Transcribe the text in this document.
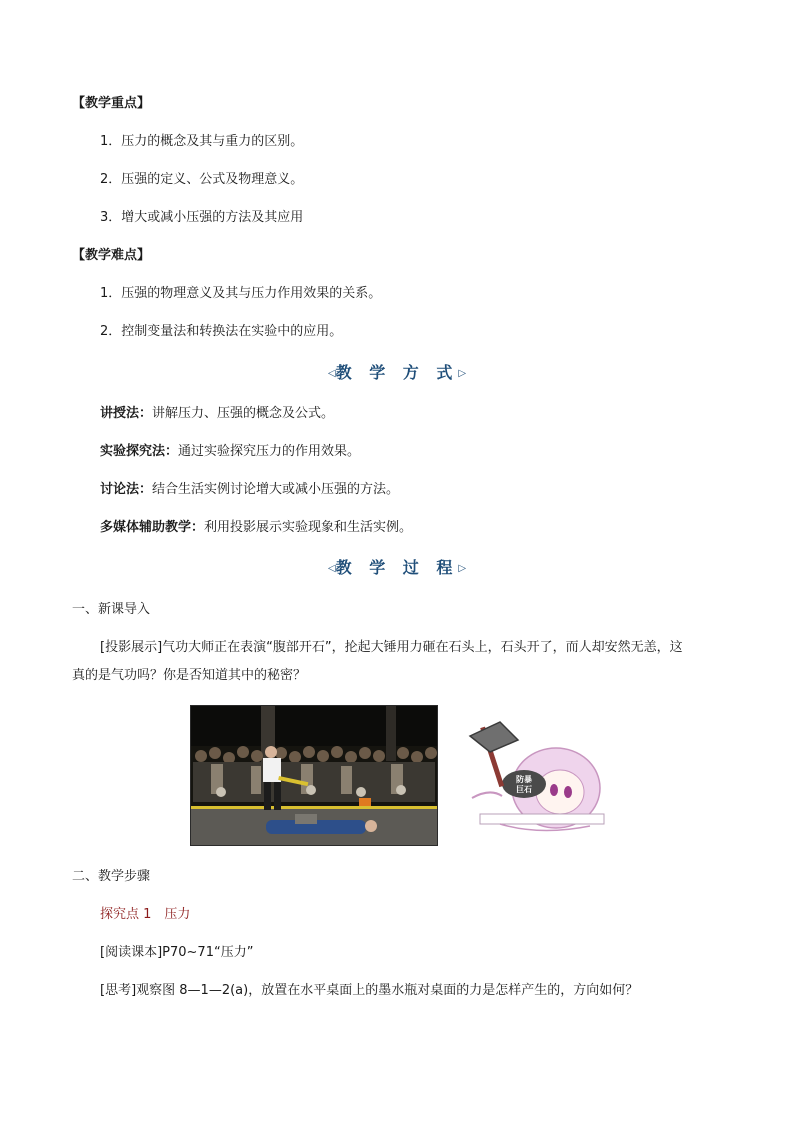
【教学重点】
1．压力的概念及其与重力的区别。
2．压强的定义、公式及物理意义。
3．增大或减小压强的方法及其应用
【教学难点】
1．压强的物理意义及其与压力作用效果的关系。
2．控制变量法和转换法在实验中的应用。
◁教 学 方 式▷
讲授法：讲解压力、压强的概念及公式。
实验探究法：通过实验探究压力的作用效果。
讨论法：结合生活实例讨论增大或减小压强的方法。
多媒体辅助教学：利用投影展示实验现象和生活实例。
◁教 学 过 程▷
一、新课导入
[投影展示]气功大师正在表演“腹部开石”，抡起大锤用力砸在石头上，石头开了，而人却安然无恙，这
真的是气功吗？你是否知道其中的秘密？
防暴
巨石
二、教学步骤
探究点 1　压力
[阅读课本]P70~71“压力”
[思考]观察图 8—1—2(a)，放置在水平桌面上的墨水瓶对桌面的力是怎样产生的，方向如何？
